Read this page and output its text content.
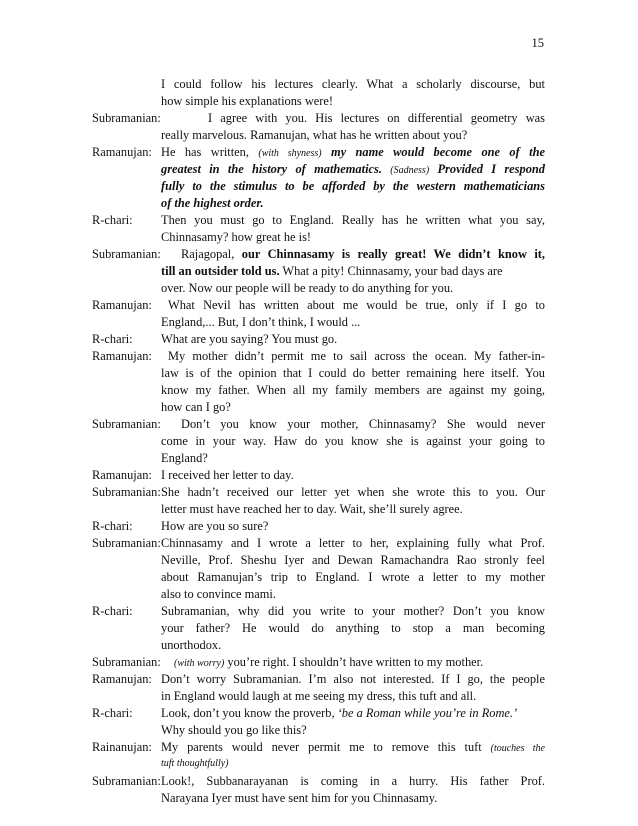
15
I could follow his lectures clearly. What a scholarly discourse, but
how simple his explanations were!
Subramanian:	I agree with you. His lectures on differential geometry was
really marvelous. Ramanujan, what has he written about you?
Ramanujan: He has written, (with shyness) my name would become one of the
greatest in the history of mathematics. (Sadness) Provided I respond
fully to the stimulus to be afforded by the western mathematicians
of the highest order.
R-chari: Then you must go to England. Really has he written what you say,
Chinnasamy? how great he is!
Subramanian: Rajagopal, our Chinnasamy is really great! We didn’t know it,
till an outsider told us. What a pity! Chinnasamy, your bad days are
over. Now our people will be ready to do anything for you.
Ramanujan: What Nevil has written about me would be true, only if I go to
England,... But, I don’t think, I would ...
R-chari: What are you saying? You must go.
Ramanujan: My mother didn’t permit me to sail across the ocean. My father-in-
law is of the opinion that I could do better remaining here itself. You
know my father. When all my family members are against my going,
how can I go?
Subramanian: Don’t you know your mother, Chinnasamy? She would never
come in your way. Haw do you know she is against your going to
England?
Ramanujan: I received her letter to day.
Subramanian: She hadn’t received our letter yet when she wrote this to you. Our
letter must have reached her to day. Wait, she’ll surely agree.
R-chari: How are you so sure?
Subramanian: Chinnasamy and I wrote a letter to her, explaining fully what Prof.
Neville, Prof. Sheshu Iyer and Dewan Ramachandra Rao stronly feel
about Ramanujan’s trip to England. I wrote a letter to my mother
also to convince mami.
R-chari: Subramanian, why did you write to your mother? Don’t you know
your father? He would do anything to stop a man becoming
unorthodox.
Subramanian: (with worry) you’re right. I shouldn’t have written to my mother.
Ramanujan: Don’t worry Subramanian. I’m also not interested. If I go, the people
in England would laugh at me seeing my dress, this tuft and all.
R-chari: Look, don’t you know the proverb, ‘be a Roman while you’re in Rome.’
Why should you go like this?
Rainanujan: My parents would never permit me to remove this tuft (touches the
tuft thoughtfully)
Subramanian: Look!, Subbanarayanan is coming in a hurry. His father Prof.
Narayana Iyer must have sent him for you Chinnasamy.
